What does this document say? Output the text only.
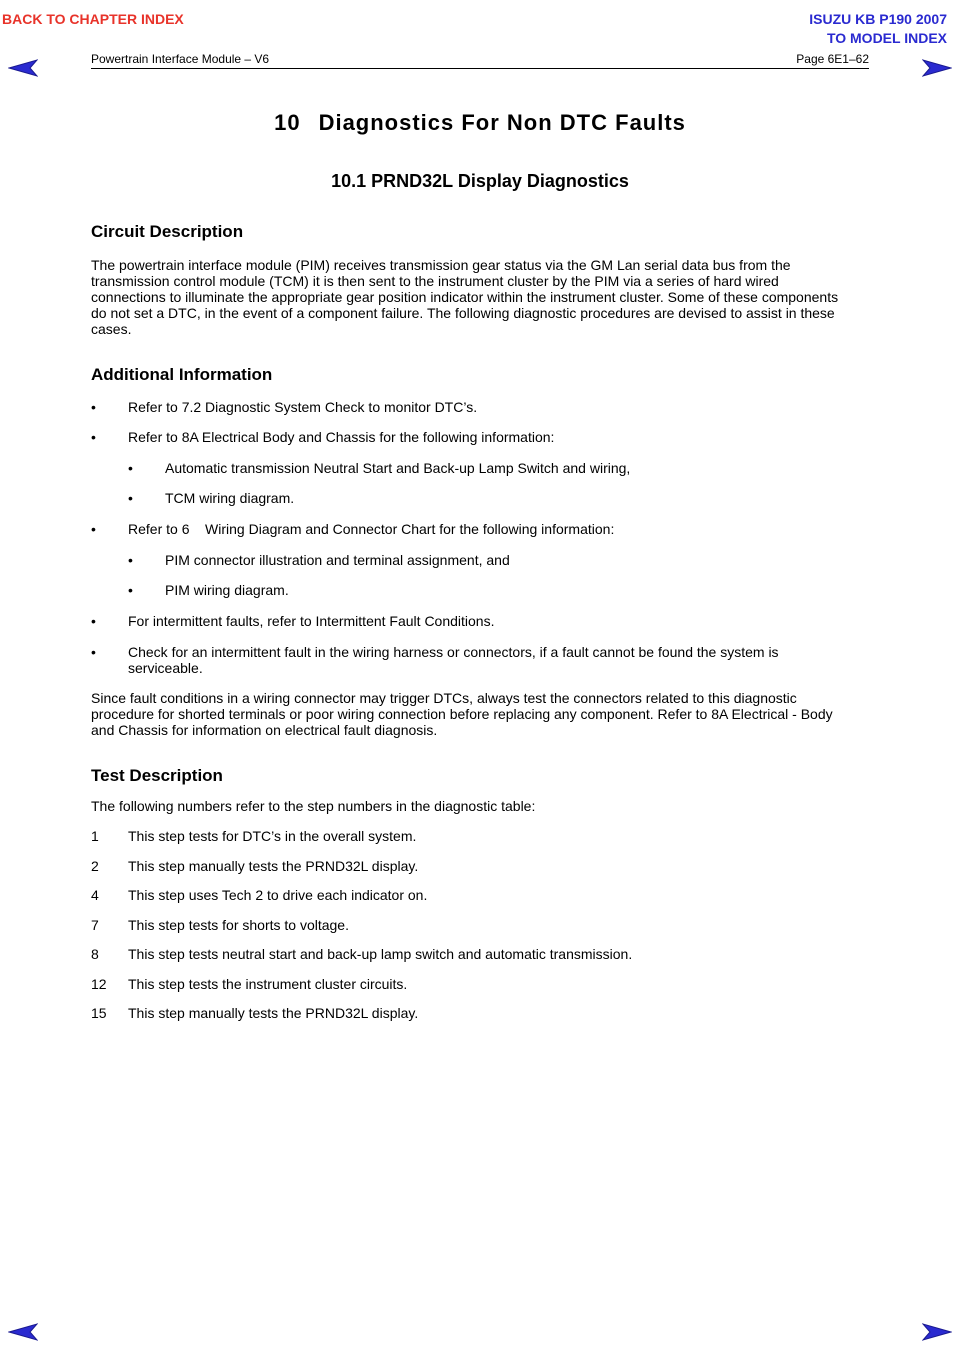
BACK TO CHAPTER INDEX	ISUZU KB P190 2007
TO MODEL INDEX
Powertrain Interface Module – V6	Page 6E1–62
10 Diagnostics For Non DTC Faults
10.1 PRND32L Display Diagnostics
Circuit Description
The powertrain interface module (PIM) receives transmission gear status via the GM Lan serial data bus from the
transmission control module (TCM) it is then sent to the instrument cluster by the PIM via a series of hard wired
connections to illuminate the appropriate gear position indicator within the instrument cluster. Some of these components
do not set a DTC, in the event of a component failure. The following diagnostic procedures are devised to assist in these
cases.
Additional Information
• Refer to 7.2 Diagnostic System Check to monitor DTC’s.
• Refer to 8A Electrical Body and Chassis for the following information:
• Automatic transmission Neutral Start and Back-up Lamp Switch and wiring,
• TCM wiring diagram.
• Refer to 6    Wiring Diagram and Connector Chart for the following information:
• PIM connector illustration and terminal assignment, and
• PIM wiring diagram.
• For intermittent faults, refer to Intermittent Fault Conditions.
• Check for an intermittent fault in the wiring harness or connectors, if a fault cannot be found the system is
serviceable.
Since fault conditions in a wiring connector may trigger DTCs, always test the connectors related to this diagnostic
procedure for shorted terminals or poor wiring connection before replacing any component. Refer to 8A Electrical - Body
and Chassis for information on electrical fault diagnosis.
Test Description
The following numbers refer to the step numbers in the diagnostic table:
1 This step tests for DTC’s in the overall system.
2 This step manually tests the PRND32L display.
4 This step uses Tech 2 to drive each indicator on.
7 This step tests for shorts to voltage.
8 This step tests neutral start and back-up lamp switch and automatic transmission.
12 This step tests the instrument cluster circuits.
15 This step manually tests the PRND32L display.
